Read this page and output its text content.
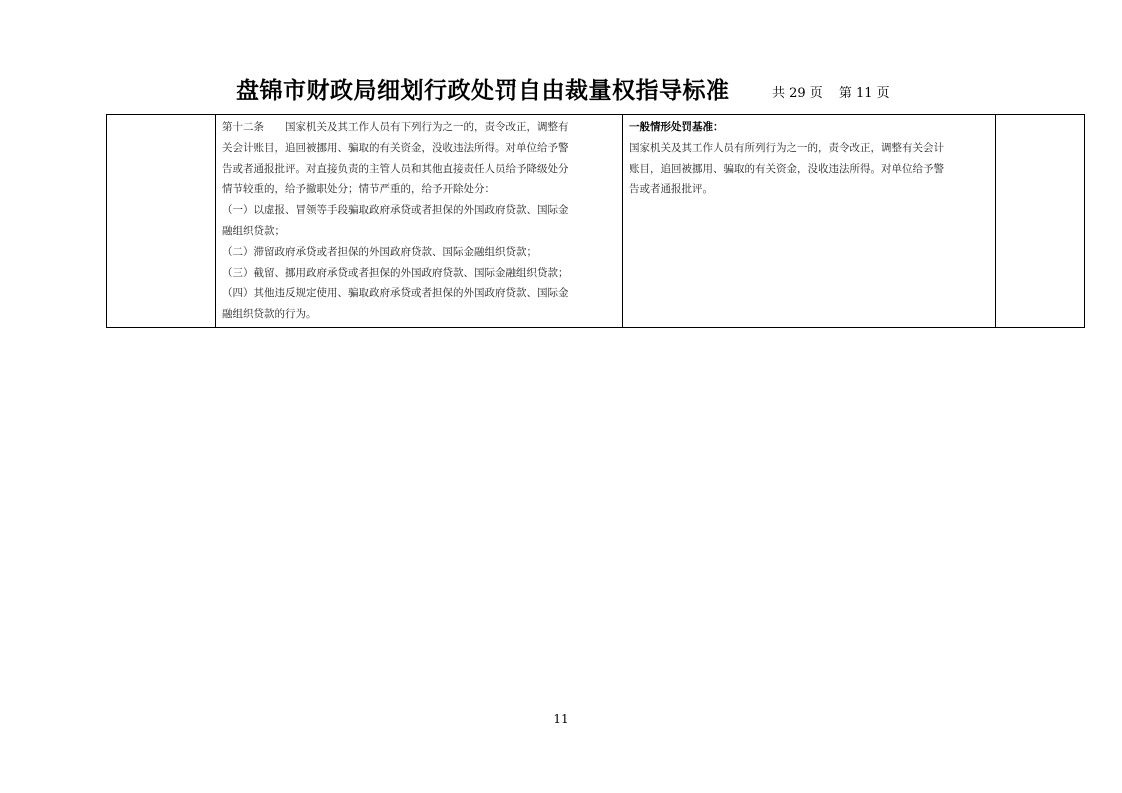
盘锦市财政局细划行政处罚自由裁量权指导标准	共 29 页 第 11 页

第十二条　　国家机关及其工作人员有下列行为之一的，责令改正，调整有
关会计账目，追回被挪用、骗取的有关资金，没收违法所得。对单位给予警
告或者通报批评。对直接负责的主管人员和其他直接责任人员给予降级处分
情节较重的，给予撤职处分；情节严重的，给予开除处分：
（一）以虚报、冒领等手段骗取政府承贷或者担保的外国政府贷款、国际金
融组织贷款；
（二）滞留政府承贷或者担保的外国政府贷款、国际金融组织贷款；
（三）截留、挪用政府承贷或者担保的外国政府贷款、国际金融组织贷款；
（四）其他违反规定使用、骗取政府承贷或者担保的外国政府贷款、国际金
融组织贷款的行为。

一般情形处罚基准：
国家机关及其工作人员有所列行为之一的，责令改正，调整有关会计
账目，追回被挪用、骗取的有关资金，没收违法所得。对单位给予警
告或者通报批评。

11
